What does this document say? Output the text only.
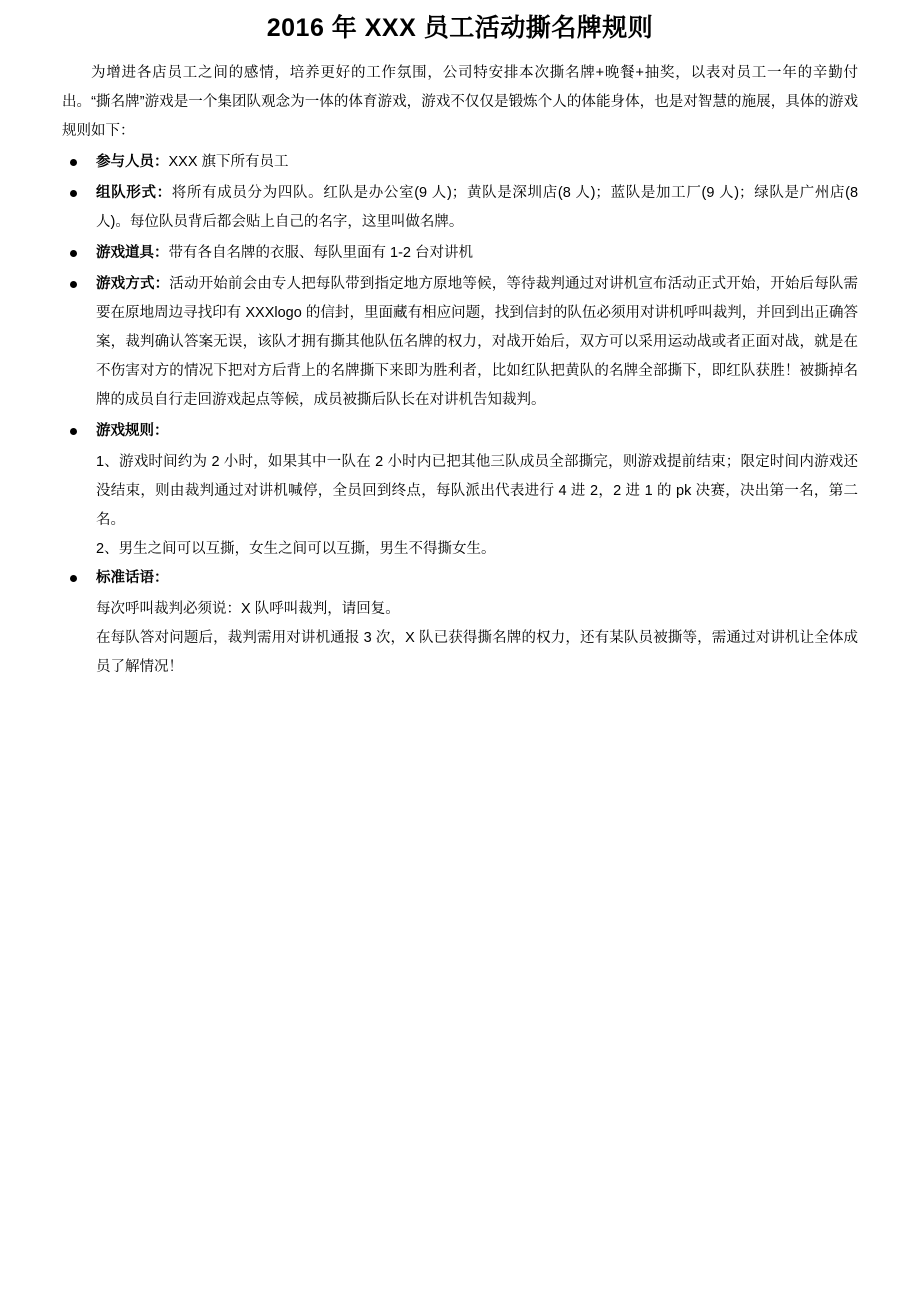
2016 年 XXX 员工活动撕名牌规则

为增进各店员工之间的感情，培养更好的工作氛围，公司特安排本次撕名牌+晚餐+抽奖，以表对员工一年的辛勤付出。“撕名牌”游戏是一个集团队观念为一体的体育游戏，游戏不仅仅是锻炼个人的体能身体，也是对智慧的施展，具体的游戏规则如下：

参与人员：XXX 旗下所有员工
组队形式：将所有成员分为四队。红队是办公室(9 人)；黄队是深圳店(8 人)；蓝队是加工厂(9 人)；绿队是广州店(8 人)。每位队员背后都会贴上自己的名字，这里叫做名牌。
游戏道具：带有各自名牌的衣服、每队里面有 1-2 台对讲机
游戏方式：活动开始前会由专人把每队带到指定地方原地等候，等待裁判通过对讲机宣布活动正式开始，开始后每队需要在原地周边寻找印有 XXXlogo 的信封，里面藏有相应问题，找到信封的队伍必须用对讲机呼叫裁判，并回到出正确答案，裁判确认答案无误，该队才拥有撕其他队伍名牌的权力，对战开始后，双方可以采用运动战或者正面对战，就是在不伤害对方的情况下把对方后背上的名牌撕下来即为胜利者，比如红队把黄队的名牌全部撕下，即红队获胜！被撕掉名牌的成员自行走回游戏起点等候，成员被撕后队长在对讲机告知裁判。
游戏规则：

1、游戏时间约为 2 小时，如果其中一队在 2 小时内已把其他三队成员全部撕完，则游戏提前结束；限定时间内游戏还没结束，则由裁判通过对讲机喊停，全员回到终点，每队派出代表进行 4 进 2，2 进 1 的 pk 决赛，决出第一名，第二名。

2、男生之间可以互撕，女生之间可以互撕，男生不得撕女生。

标准话语：

每次呼叫裁判必须说：X 队呼叫裁判，请回复。

在每队答对问题后，裁判需用对讲机通报 3 次，X 队已获得撕名牌的权力，还有某队员被撕等，需通过对讲机让全体成员了解情况！
